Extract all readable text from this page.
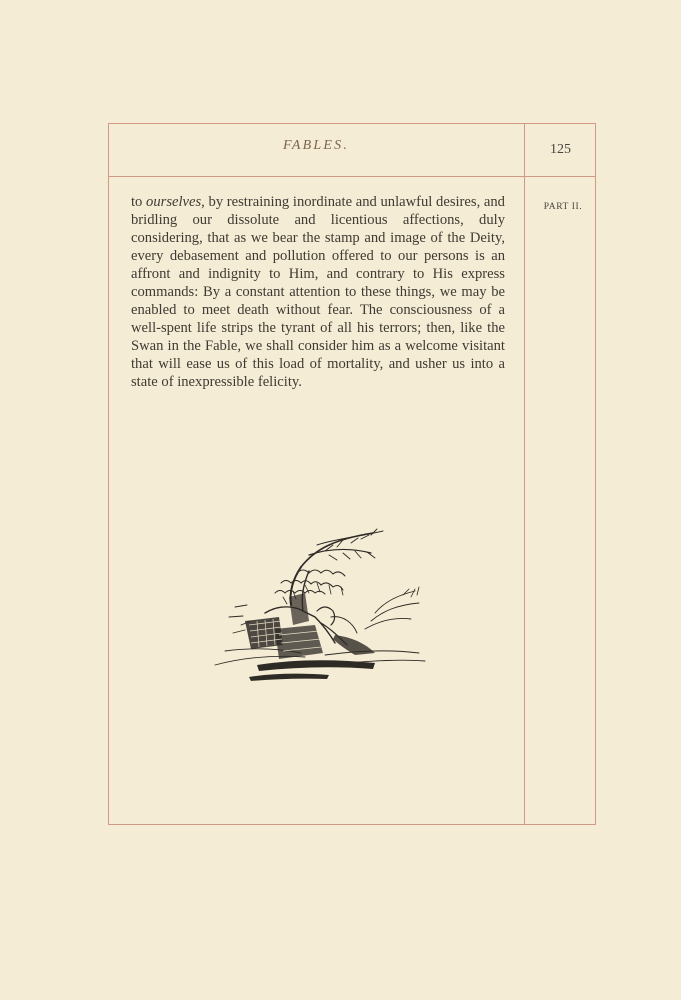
FABLES.	125
PART II.

to ourselves, by restraining inordinate and unlawful desires, and bridling our dissolute and licentious affections, duly considering, that as we bear the stamp and image of the Deity, every debasement and pollution offered to our persons is an affront and indignity to Him, and contrary to His express commands: By a constant attention to these things, we may be enabled to meet death without fear. The consciousness of a well-spent life strips the tyrant of all his terrors; then, like the Swan in the Fable, we shall consider him as a welcome visitant that will ease us of this load of mortality, and usher us into a state of inexpressible felicity.
